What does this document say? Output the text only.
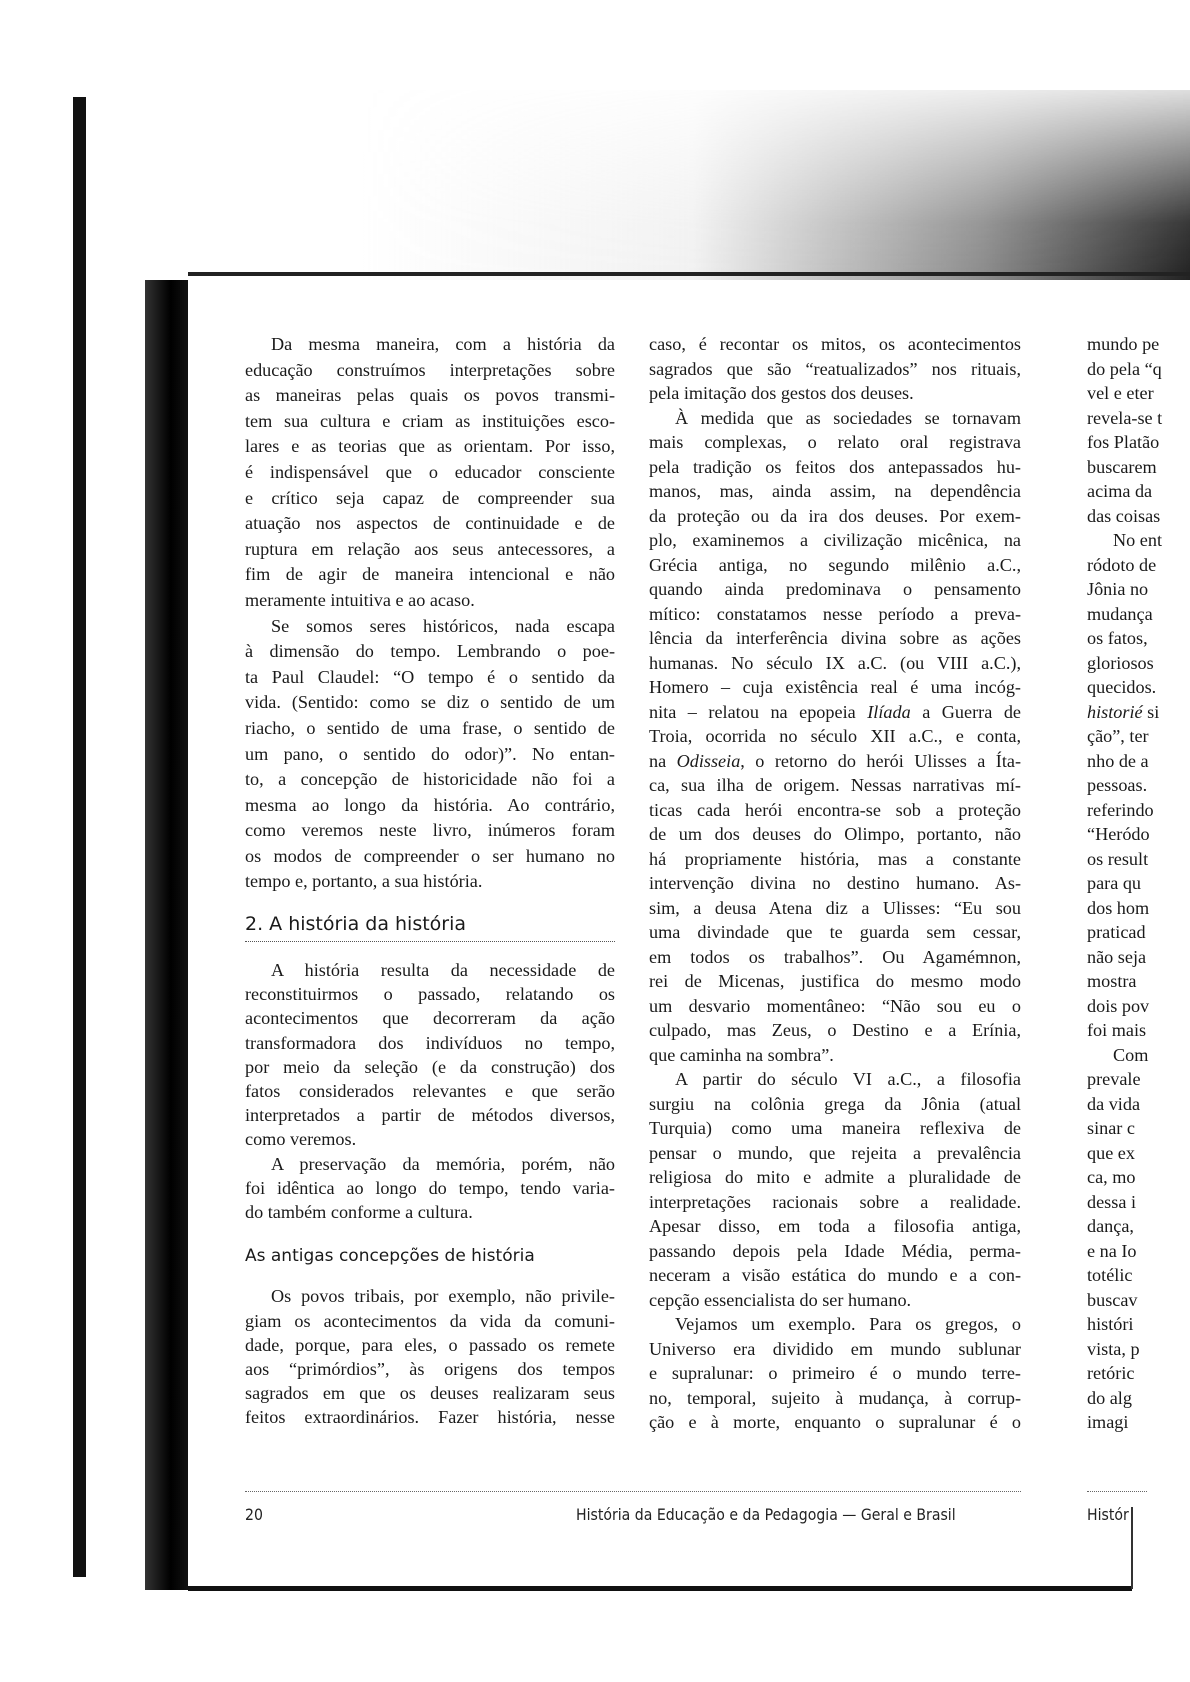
Da mesma maneira, com a história da
educação construímos interpretações sobre
as maneiras pelas quais os povos transmi-
tem sua cultura e criam as instituições esco-
lares e as teorias que as orientam. Por isso,
é indispensável que o educador consciente
e crítico seja capaz de compreender sua
atuação nos aspectos de continuidade e de
ruptura em relação aos seus antecessores, a
fim de agir de maneira intencional e não
meramente intuitiva e ao acaso.
Se somos seres históricos, nada escapa
à dimensão do tempo. Lembrando o poe-
ta Paul Claudel: “O tempo é o sentido da
vida. (Sentido: como se diz o sentido de um
riacho, o sentido de uma frase, o sentido de
um pano, o sentido do odor)”. No entan-
to, a concepção de historicidade não foi a
mesma ao longo da história. Ao contrário,
como veremos neste livro, inúmeros foram
os modos de compreender o ser humano no
tempo e, portanto, a sua história.
2. A história da história
A história resulta da necessidade de
reconstituirmos o passado, relatando os
acontecimentos que decorreram da ação
transformadora dos indivíduos no tempo,
por meio da seleção (e da construção) dos
fatos considerados relevantes e que serão
interpretados a partir de métodos diversos,
como veremos.
A preservação da memória, porém, não
foi idêntica ao longo do tempo, tendo varia-
do também conforme a cultura.
As antigas concepções de história
Os povos tribais, por exemplo, não privile-
giam os acontecimentos da vida da comuni-
dade, porque, para eles, o passado os remete
aos “primórdios”, às origens dos tempos
sagrados em que os deuses realizaram seus
feitos extraordinários. Fazer história, nesse
caso, é recontar os mitos, os acontecimentos
sagrados que são “reatualizados” nos rituais,
pela imitação dos gestos dos deuses.
À medida que as sociedades se tornavam
mais complexas, o relato oral registrava
pela tradição os feitos dos antepassados hu-
manos, mas, ainda assim, na dependência
da proteção ou da ira dos deuses. Por exem-
plo, examinemos a civilização micênica, na
Grécia antiga, no segundo milênio a.C.,
quando ainda predominava o pensamento
mítico: constatamos nesse período a preva-
lência da interferência divina sobre as ações
humanas. No século IX a.C. (ou VIII a.C.),
Homero – cuja existência real é uma incóg-
nita – relatou na epopeia Ilíada a Guerra de
Troia, ocorrida no século XII a.C., e conta,
na Odisseia, o retorno do herói Ulisses a Íta-
ca, sua ilha de origem. Nessas narrativas mí-
ticas cada herói encontra-se sob a proteção
de um dos deuses do Olimpo, portanto, não
há propriamente história, mas a constante
intervenção divina no destino humano. As-
sim, a deusa Atena diz a Ulisses: “Eu sou
uma divindade que te guarda sem cessar,
em todos os trabalhos”. Ou Agamémnon,
rei de Micenas, justifica do mesmo modo
um desvario momentâneo: “Não sou eu o
culpado, mas Zeus, o Destino e a Erínia,
que caminha na sombra”.
A partir do século VI a.C., a filosofia
surgiu na colônia grega da Jônia (atual
Turquia) como uma maneira reflexiva de
pensar o mundo, que rejeita a prevalência
religiosa do mito e admite a pluralidade de
interpretações racionais sobre a realidade.
Apesar disso, em toda a filosofia antiga,
passando depois pela Idade Média, perma-
neceram a visão estática do mundo e a con-
cepção essencialista do ser humano.
Vejamos um exemplo. Para os gregos, o
Universo era dividido em mundo sublunar
e supralunar: o primeiro é o mundo terre-
no, temporal, sujeito à mudança, à corrup-
ção e à morte, enquanto o supralunar é o
mundo pe
do pela “q
vel e eter
revela-se t
fos Platão
buscarem
acima da
das coisas
No ent
ródoto de
Jônia no
mudança
os fatos,
gloriosos
quecidos.
historié si
ção”, ter
nho de a
pessoas.
referindo
“Heródo
os result
para qu
dos hom
praticad
não seja
mostra
dois pov
foi mais
Com
prevale
da vida
sinar c
que ex
ca, mo
dessa i
dança,
e na Io
totélic
buscav
históri
vista, p
retóric
do alg
imagi
20	História da Educação e da Pedagogia — Geral e Brasil	Histór
